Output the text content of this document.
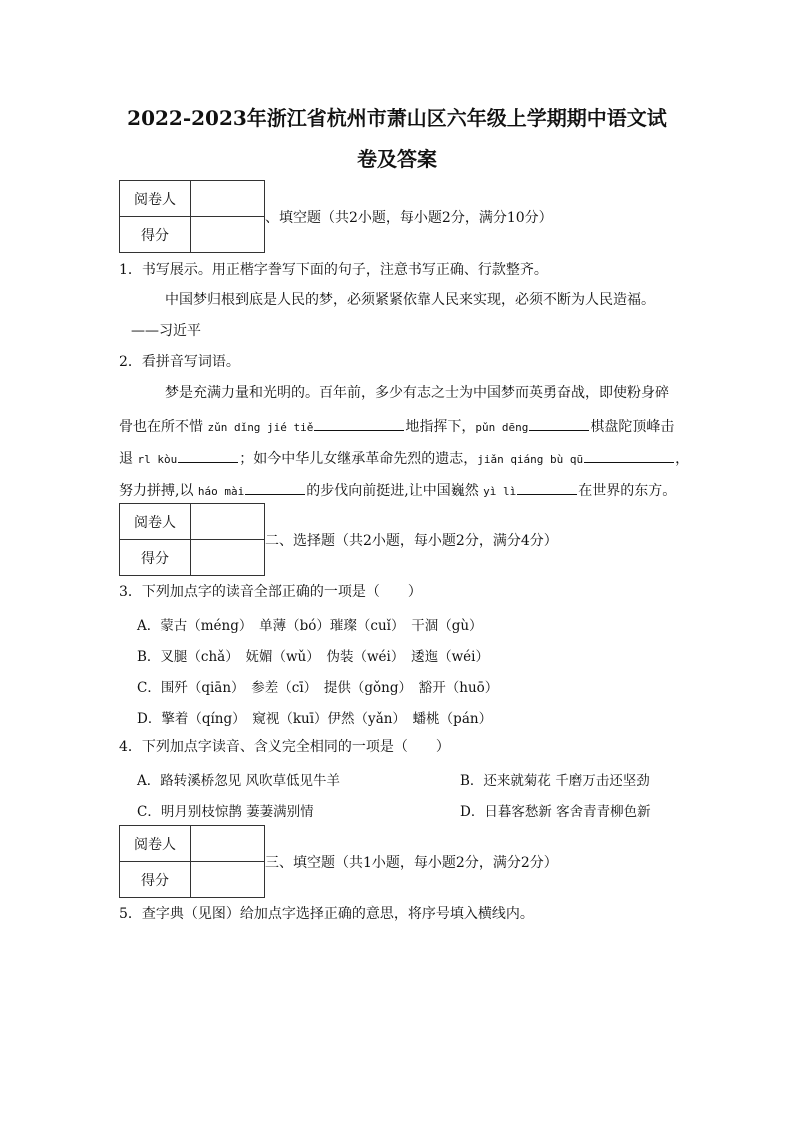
2022-2023年浙江省杭州市萧山区六年级上学期期中语文试
卷及答案
阅卷人	
得分	
、填空题（共2小题，每小题2分，满分10分）
1．书写展示。用正楷字誊写下面的句子，注意书写正确、行款整齐。
中国梦归根到底是人民的梦，必须紧紧依靠人民来实现，必须不断为人民造福。
——习近平
2．看拼音写词语。
梦是充满力量和光明的。百年前，多少有志之士为中国梦而英勇奋战，即使粉身碎
骨也在所不惜 zǔn dǐng jié tiě	地指挥下，pǔn dēng	棋盘陀顶峰击
退 rl kòu	；如今中华儿女继承革命先烈的遗志，jiǎn qiáng bù qū	，
努力拼搏,以 háo mài	的步伐向前挺进,让中国巍然 yì lì	在世界的东方。
阅卷人	
得分	
二、选择题（共2小题，每小题2分，满分4分）
3．下列加点字的读音全部正确的一项是（　　）
A．蒙古（méng）　单薄（bó）璀璨（cuǐ）　干涸（gù）
B．叉腿（chǎ）　妩媚（wǔ）　伪装（wéi）　逶迤（wéi）
C．围歼（qiān）　参差（cī）　提供（gǒng）　豁开（huō）
D．擎着（qíng）　窥视（kuī）伊然（yǎn）　蟠桃（pán）
4．下列加点字读音、含义完全相同的一项是（　　）
A．路转溪桥忽见 风吹草低见牛羊	B．还来就菊花 千磨万击还坚劲
C．明月别枝惊鹊 萋萋满别情	D．日暮客愁新 客舍青青柳色新
阅卷人	
得分	
三、填空题（共1小题，每小题2分，满分2分）
5．查字典（见图）给加点字选择正确的意思，将序号填入横线内。
